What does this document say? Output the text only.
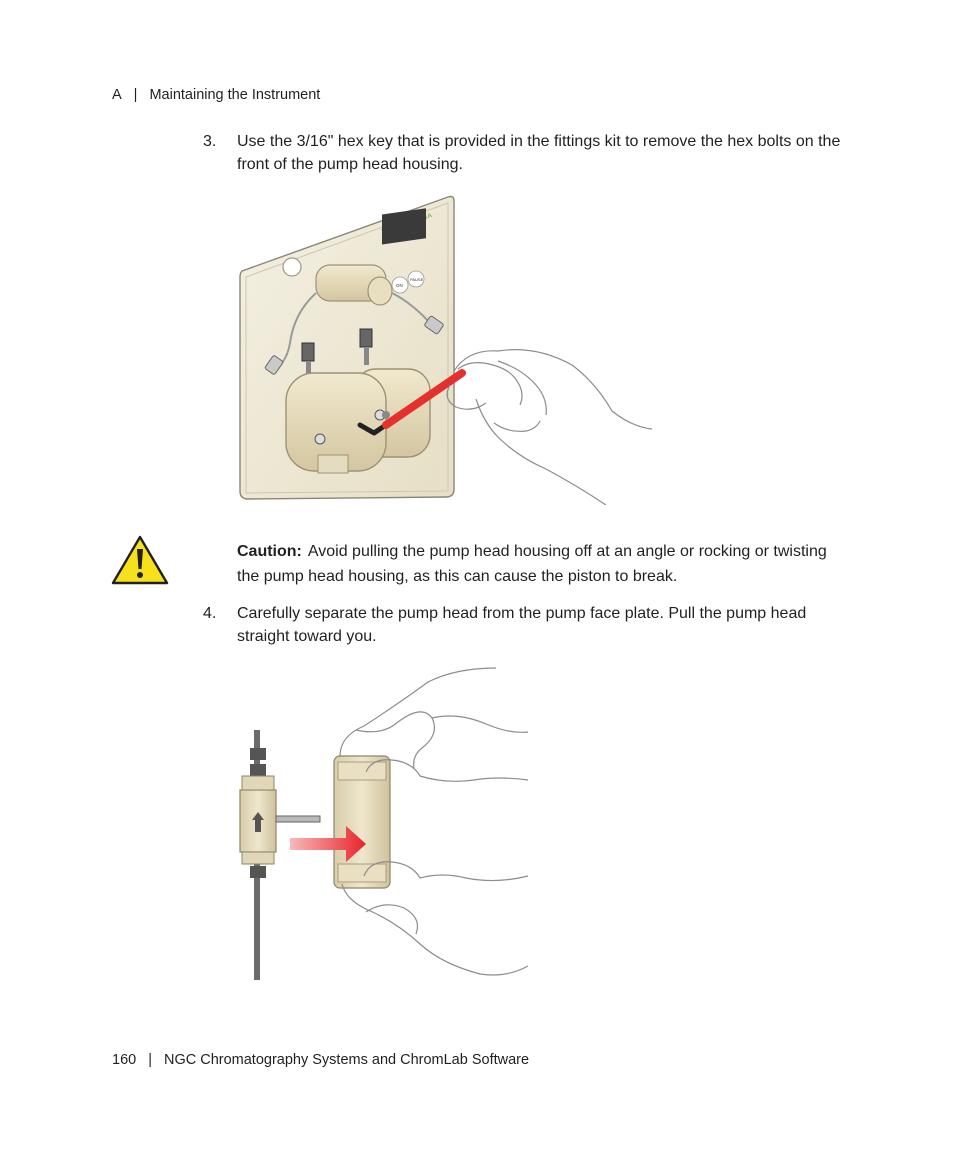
A | Maintaining the Instrument
3. Use the 3/16" hex key that is provided in the fittings kit to remove the hex bolts on the front of the pump head housing.
1A
ON
PAUSE
Caution: Avoid pulling the pump head housing off at an angle or rocking or twisting the pump head housing, as this can cause the piston to break.
4. Carefully separate the pump head from the pump face plate. Pull the pump head straight toward you.
160 | NGC Chromatography Systems and ChromLab Software
